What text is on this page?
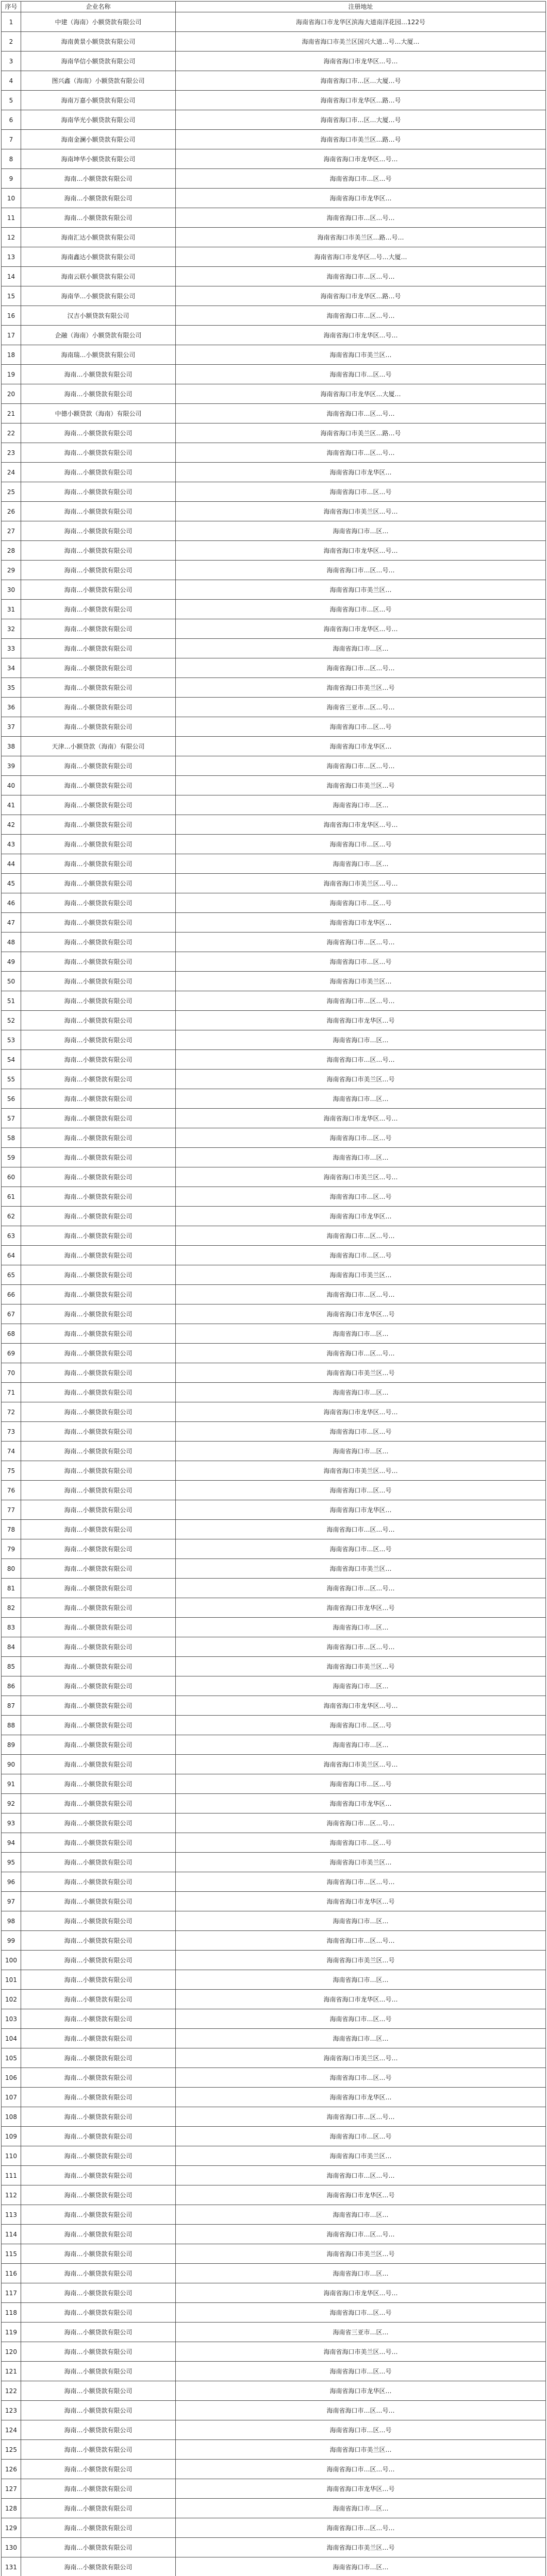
序号	企业名称	注册地址
1	中建（海南）小额贷款有限公司	海南省海口市龙华区滨海大道南洋花园…122号
2	海南黄景小额贷款有限公司	海南省海口市美兰区国兴大道…号…大厦…
3	海南华信小额贷款有限公司	海南省海口市龙华区…号…
4	图兴鑫（海南）小额贷款有限公司	海南省海口市…区…大厦…号
5	海南万嘉小额贷款有限公司	海南省海口市龙华区…路…号
6	海南华光小额贷款有限公司	海南省海口市…区…大厦…号
7	海南金澜小额贷款有限公司	海南省海口市美兰区…路…号
8	海南坤华小额贷款有限公司	海南省海口市龙华区…号…
9	海南…小额贷款有限公司	海南省海口市…区…号
10	海南…小额贷款有限公司	海南省海口市龙华区…
11	海南…小额贷款有限公司	海南省海口市…区…号…
12	海南汇达小额贷款有限公司	海南省海口市美兰区…路…号…
13	海南鑫达小额贷款有限公司	海南省海口市龙华区…号…大厦…
14	海南云联小额贷款有限公司	海南省海口市…区…号…
15	海南华…小额贷款有限公司	海南省海口市龙华区…路…号
16	汉吉小额贷款有限公司	海南省海口市…区…号…
17	企融（海南）小额贷款有限公司	海南省海口市龙华区…号…
18	海南瑞…小额贷款有限公司	海南省海口市美兰区…
19	海南…小额贷款有限公司	海南省海口市…区…号
20	海南…小额贷款有限公司	海南省海口市龙华区…大厦…
21	中德小额贷款（海南）有限公司	海南省海口市…区…号…
22	海南…小额贷款有限公司	海南省海口市美兰区…路…号
23	海南…小额贷款有限公司	海南省海口市…区…号…
24	海南…小额贷款有限公司	海南省海口市龙华区…
25	海南…小额贷款有限公司	海南省海口市…区…号
26	海南…小额贷款有限公司	海南省海口市美兰区…号…
27	海南…小额贷款有限公司	海南省海口市…区…
28	海南…小额贷款有限公司	海南省海口市龙华区…号…
29	海南…小额贷款有限公司	海南省海口市…区…号…
30	海南…小额贷款有限公司	海南省海口市美兰区…
31	海南…小额贷款有限公司	海南省海口市…区…号
32	海南…小额贷款有限公司	海南省海口市龙华区…号…
33	海南…小额贷款有限公司	海南省海口市…区…
34	海南…小额贷款有限公司	海南省海口市…区…号…
35	海南…小额贷款有限公司	海南省海口市美兰区…号
36	海南…小额贷款有限公司	海南省三亚市…区…号…
37	海南…小额贷款有限公司	海南省海口市…区…号
38	天津…小额贷款（海南）有限公司	海南省海口市龙华区…
39	海南…小额贷款有限公司	海南省海口市…区…号…
40	海南…小额贷款有限公司	海南省海口市美兰区…号
41	海南…小额贷款有限公司	海南省海口市…区…
42	海南…小额贷款有限公司	海南省海口市龙华区…号…
43	海南…小额贷款有限公司	海南省海口市…区…号
44	海南…小额贷款有限公司	海南省海口市…区…
45	海南…小额贷款有限公司	海南省海口市美兰区…号…
46	海南…小额贷款有限公司	海南省海口市…区…号
47	海南…小额贷款有限公司	海南省海口市龙华区…
48	海南…小额贷款有限公司	海南省海口市…区…号…
49	海南…小额贷款有限公司	海南省海口市…区…号
50	海南…小额贷款有限公司	海南省海口市美兰区…
51	海南…小额贷款有限公司	海南省海口市…区…号…
52	海南…小额贷款有限公司	海南省海口市龙华区…号
53	海南…小额贷款有限公司	海南省海口市…区…
54	海南…小额贷款有限公司	海南省海口市…区…号…
55	海南…小额贷款有限公司	海南省海口市美兰区…号
56	海南…小额贷款有限公司	海南省海口市…区…
57	海南…小额贷款有限公司	海南省海口市龙华区…号…
58	海南…小额贷款有限公司	海南省海口市…区…号
59	海南…小额贷款有限公司	海南省海口市…区…
60	海南…小额贷款有限公司	海南省海口市美兰区…号…
61	海南…小额贷款有限公司	海南省海口市…区…号
62	海南…小额贷款有限公司	海南省海口市龙华区…
63	海南…小额贷款有限公司	海南省海口市…区…号…
64	海南…小额贷款有限公司	海南省海口市…区…号
65	海南…小额贷款有限公司	海南省海口市美兰区…
66	海南…小额贷款有限公司	海南省海口市…区…号…
67	海南…小额贷款有限公司	海南省海口市龙华区…号
68	海南…小额贷款有限公司	海南省海口市…区…
69	海南…小额贷款有限公司	海南省海口市…区…号…
70	海南…小额贷款有限公司	海南省海口市美兰区…号
71	海南…小额贷款有限公司	海南省海口市…区…
72	海南…小额贷款有限公司	海南省海口市龙华区…号…
73	海南…小额贷款有限公司	海南省海口市…区…号
74	海南…小额贷款有限公司	海南省海口市…区…
75	海南…小额贷款有限公司	海南省海口市美兰区…号…
76	海南…小额贷款有限公司	海南省海口市…区…号
77	海南…小额贷款有限公司	海南省海口市龙华区…
78	海南…小额贷款有限公司	海南省海口市…区…号…
79	海南…小额贷款有限公司	海南省海口市…区…号
80	海南…小额贷款有限公司	海南省海口市美兰区…
81	海南…小额贷款有限公司	海南省海口市…区…号…
82	海南…小额贷款有限公司	海南省海口市龙华区…号
83	海南…小额贷款有限公司	海南省海口市…区…
84	海南…小额贷款有限公司	海南省海口市…区…号…
85	海南…小额贷款有限公司	海南省海口市美兰区…号
86	海南…小额贷款有限公司	海南省海口市…区…
87	海南…小额贷款有限公司	海南省海口市龙华区…号…
88	海南…小额贷款有限公司	海南省海口市…区…号
89	海南…小额贷款有限公司	海南省海口市…区…
90	海南…小额贷款有限公司	海南省海口市美兰区…号…
91	海南…小额贷款有限公司	海南省海口市…区…号
92	海南…小额贷款有限公司	海南省海口市龙华区…
93	海南…小额贷款有限公司	海南省海口市…区…号…
94	海南…小额贷款有限公司	海南省海口市…区…号
95	海南…小额贷款有限公司	海南省海口市美兰区…
96	海南…小额贷款有限公司	海南省海口市…区…号…
97	海南…小额贷款有限公司	海南省海口市龙华区…号
98	海南…小额贷款有限公司	海南省海口市…区…
99	海南…小额贷款有限公司	海南省海口市…区…号…
100	海南…小额贷款有限公司	海南省海口市美兰区…号
101	海南…小额贷款有限公司	海南省海口市…区…
102	海南…小额贷款有限公司	海南省海口市龙华区…号…
103	海南…小额贷款有限公司	海南省海口市…区…号
104	海南…小额贷款有限公司	海南省海口市…区…
105	海南…小额贷款有限公司	海南省海口市美兰区…号…
106	海南…小额贷款有限公司	海南省海口市…区…号
107	海南…小额贷款有限公司	海南省海口市龙华区…
108	海南…小额贷款有限公司	海南省海口市…区…号…
109	海南…小额贷款有限公司	海南省海口市…区…号
110	海南…小额贷款有限公司	海南省海口市美兰区…
111	海南…小额贷款有限公司	海南省海口市…区…号…
112	海南…小额贷款有限公司	海南省海口市龙华区…号
113	海南…小额贷款有限公司	海南省海口市…区…
114	海南…小额贷款有限公司	海南省海口市…区…号…
115	海南…小额贷款有限公司	海南省海口市美兰区…号
116	海南…小额贷款有限公司	海南省海口市…区…
117	海南…小额贷款有限公司	海南省海口市龙华区…号…
118	海南…小额贷款有限公司	海南省海口市…区…号
119	海南…小额贷款有限公司	海南省三亚市…区…
120	海南…小额贷款有限公司	海南省海口市美兰区…号…
121	海南…小额贷款有限公司	海南省海口市…区…号
122	海南…小额贷款有限公司	海南省海口市龙华区…
123	海南…小额贷款有限公司	海南省海口市…区…号…
124	海南…小额贷款有限公司	海南省海口市…区…号
125	海南…小额贷款有限公司	海南省海口市美兰区…
126	海南…小额贷款有限公司	海南省海口市…区…号…
127	海南…小额贷款有限公司	海南省海口市龙华区…号
128	海南…小额贷款有限公司	海南省海口市…区…
129	海南…小额贷款有限公司	海南省海口市…区…号…
130	海南…小额贷款有限公司	海南省海口市美兰区…号
131	海南…小额贷款有限公司	海南省海口市…区…
